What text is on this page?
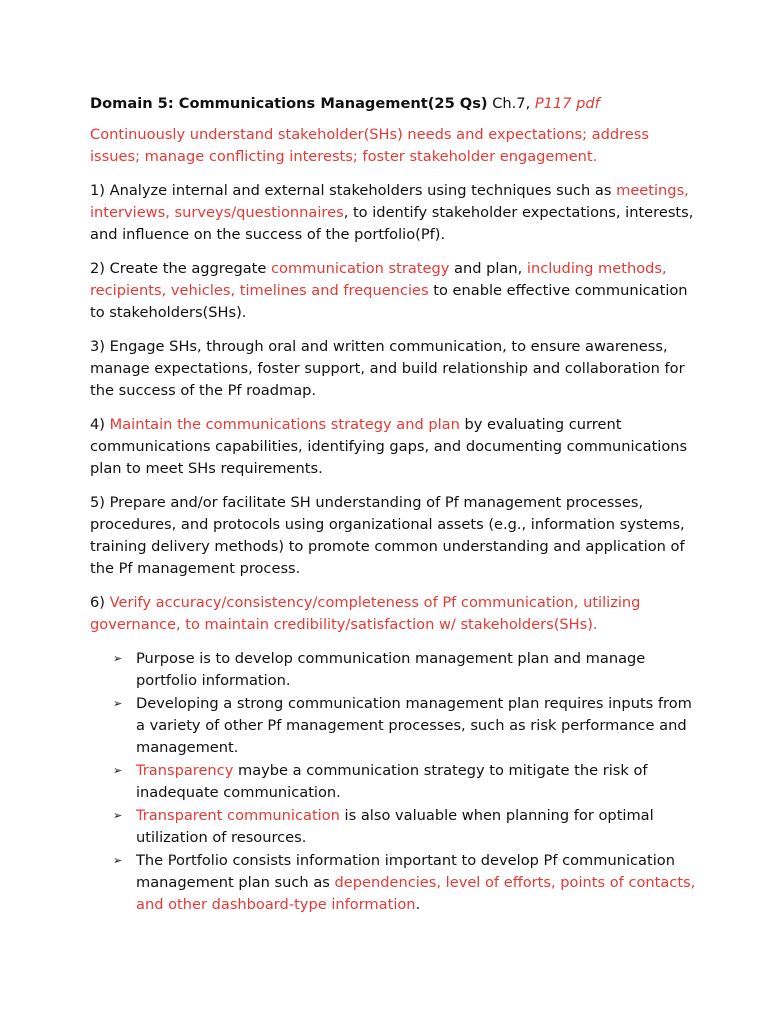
Domain 5: Communications Management(25 Qs) Ch.7, P117 pdf

Continuously understand stakeholder(SHs) needs and expectations; address issues; manage conflicting interests; foster stakeholder engagement.

1) Analyze internal and external stakeholders using techniques such as meetings, interviews, surveys/questionnaires, to identify stakeholder expectations, interests, and influence on the success of the portfolio(Pf).

2) Create the aggregate communication strategy and plan, including methods, recipients, vehicles, timelines and frequencies to enable effective communication to stakeholders(SHs).

3) Engage SHs, through oral and written communication, to ensure awareness, manage expectations, foster support, and build relationship and collaboration for the success of the Pf roadmap.

4) Maintain the communications strategy and plan by evaluating current communications capabilities, identifying gaps, and documenting communications plan to meet SHs requirements.

5) Prepare and/or facilitate SH understanding of Pf management processes, procedures, and protocols using organizational assets (e.g., information systems, training delivery methods) to promote common understanding and application of the Pf management process.

6) Verify accuracy/consistency/completeness of Pf communication, utilizing governance, to maintain credibility/satisfaction w/ stakeholders(SHs).

➢ Purpose is to develop communication management plan and manage portfolio information.
➢ Developing a strong communication management plan requires inputs from a variety of other Pf management processes, such as risk performance and management.
➢ Transparency maybe a communication strategy to mitigate the risk of inadequate communication.
➢ Transparent communication is also valuable when planning for optimal utilization of resources.
➢ The Portfolio consists information important to develop Pf communication management plan such as dependencies, level of efforts, points of contacts, and other dashboard-type information.
